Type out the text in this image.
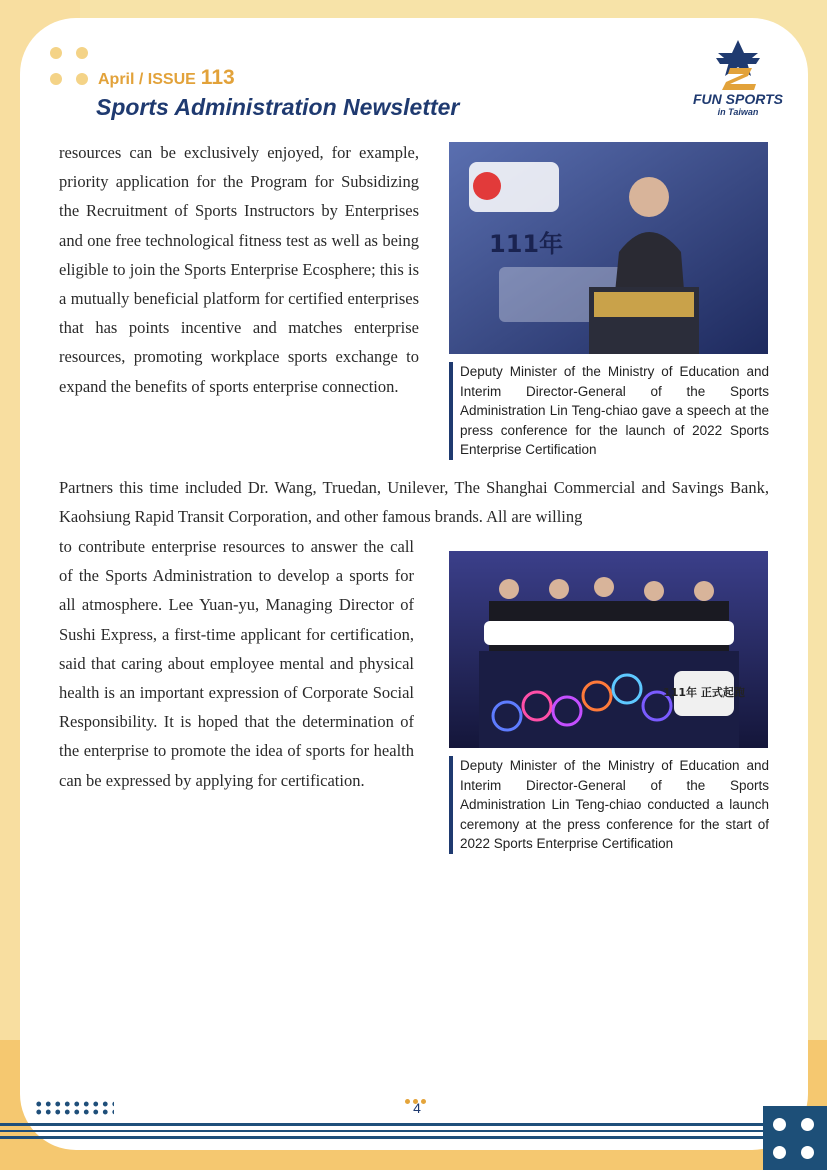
April / ISSUE 113
Sports Administration Newsletter	FUN SPORTS
in Taiwan

resources can be exclusively enjoyed, for example, priority application for the Program for Subsidizing the Recruitment of Sports Instructors by Enterprises and one free technological fitness test as well as being eligible to join the Sports Enterprise Ecosphere; this is a mutually beneficial platform for certified enterprises that has points incentive and matches enterprise resources, promoting workplace sports exchange to expand the benefits of sports enterprise connection.

111年
Deputy Minister of the Ministry of Education and Interim Director-General of the Sports Administration Lin Teng-chiao gave a speech at the press conference for the launch of 2022 Sports Enterprise Certification

Partners this time included Dr. Wang, Truedan, Unilever, The Shanghai Commercial and Savings Bank, Kaohsiung Rapid Transit Corporation, and other famous brands. All are willing

to contribute enterprise resources to answer the call of the Sports Administration to develop a sports for all atmosphere. Lee Yuan-yu, Managing Director of Sushi Express, a first-time applicant for certification, said that caring about employee mental and physical health is an important expression of Corporate Social Responsibility. It is hoped that the determination of the enterprise to promote the idea of sports for health can be expressed by applying for certification.

111年 正式起跑
Deputy Minister of the Ministry of Education and Interim Director-General of the Sports Administration Lin Teng-chiao conducted a launch ceremony at the press conference for the start of 2022 Sports Enterprise Certification
4
